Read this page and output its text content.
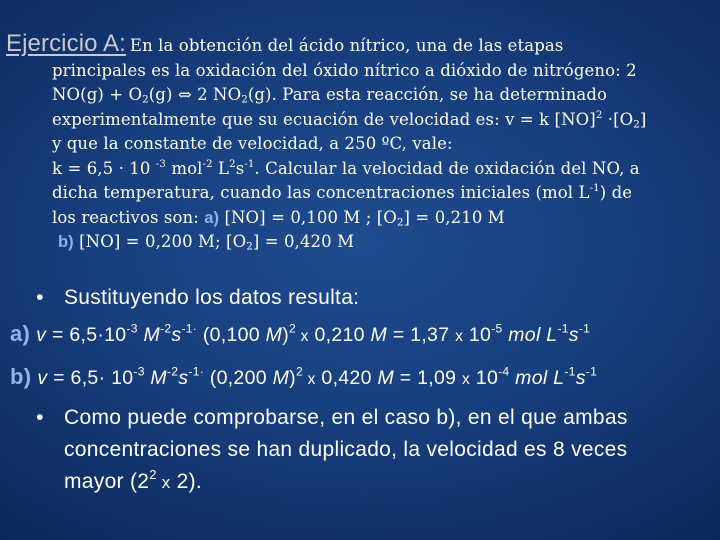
Ejercicio A: En la obtención del ácido nítrico, una de las etapas
principales es la oxidación del óxido nítrico a dióxido de nitrógeno: 2
$NO(g) + O_2(g)$ ⇔ 2 $NO_2(g)$. Para esta reacción, se ha determinado
experimentalmente que su ecuación de velocidad es: v = k $[NO]^2 \cdot[O_2]$
y que la constante de velocidad, a 250 ºC, vale:
k = 6,5 · 10 $^{-3}$ mol$^{-2}$ $L^2s^{-1}$. Calcular la velocidad de oxidación del NO, a
dicha temperatura, cuando las concentraciones iniciales (mol $L^{-1}$) de
los reactivos son: a) [NO] = 0,100 M ; $[O_2] = 0,210$ M
b) [NO] = 0,200 M; $[O_2] = 0,420$ M
• Sustituyendo los datos resulta:
a) $v = 6,5\cdot 10^{-3}$ $M^{-2}s^{-1\cdot}$ (0,100 M)$^2$ x 0,210 M = 1,37 x $10^{-5}$ mol $L^{-1}s^{-1}$
b) $v = 6,5\cdot 10^{-3}$ $M^{-2}s^{-1\cdot}$ (0,200 M)$^2$ x 0,420 M = 1,09 x $10^{-4}$ mol $L^{-1}s^{-1}$
• Como puede comprobarse, en el caso b), en el que ambas
concentraciones se han duplicado, la velocidad es 8 veces
mayor ($2^2$ x 2).
